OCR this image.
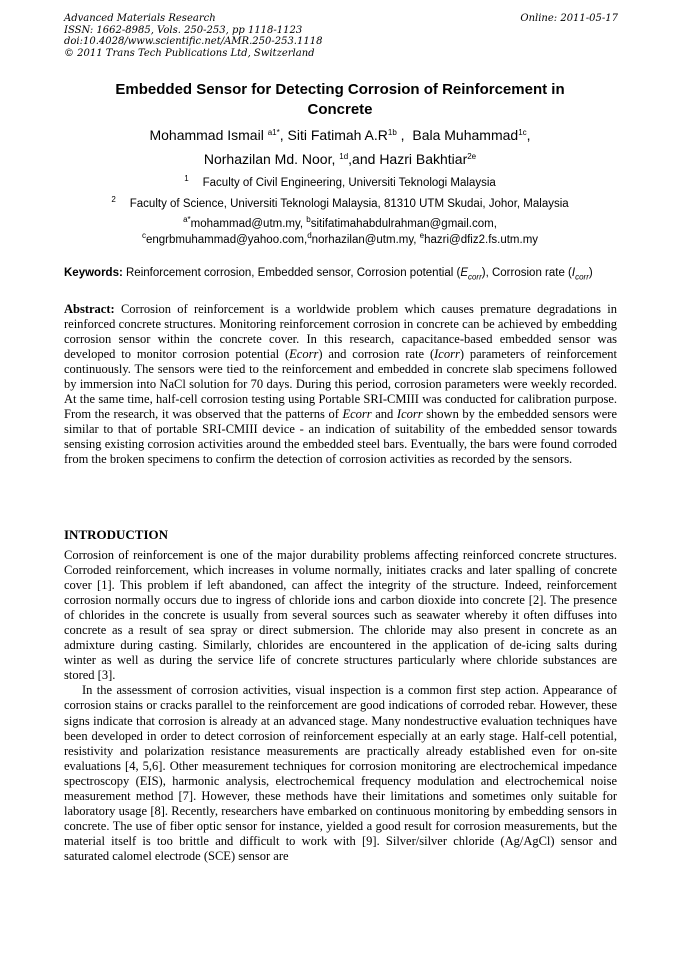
Advanced Materials Research
ISSN: 1662-8985, Vols. 250-253, pp 1118-1123
doi:10.4028/www.scientific.net/AMR.250-253.1118
© 2011 Trans Tech Publications Ltd, Switzerland
Online: 2011-05-17
Embedded Sensor for Detecting Corrosion of Reinforcement in
Concrete
Mohammad Ismail $^{a1*}$, Siti Fatimah $A.R^{1b}$ ,  Bala Muhammad$^{1c}$,
Norhazilan Md. Noor, $^{1d}$,and Hazri Bakhtiar$^{2e}$
$^1$ Faculty of Civil Engineering, Universiti Teknologi Malaysia
$^2$ Faculty of Science, Universiti Teknologi Malaysia, 81310 UTM Skudai, Johor, Malaysia
$^{a*}$mohammad@utm.my, $^b$sitifatimahabdulrahman@gmail.com,
$^c$engrbmuhammad@yahoo.com,$^d$norhazilan@utm.my, $^e$hazri@dfiz2.fs.utm.my
Keywords: Reinforcement corrosion, Embedded sensor, Corrosion potential $(E_{corr})$, Corrosion rate $(I_{corr})$
Abstract: Corrosion of reinforcement is a worldwide problem which causes premature degradations in reinforced concrete structures. Monitoring reinforcement corrosion in concrete can be achieved by embedding corrosion sensor within the concrete cover. In this research, capacitance-based embedded sensor was developed to monitor corrosion potential (Ecorr) and corrosion rate (Icorr) parameters of reinforcement continuously. The sensors were tied to the reinforcement and embedded in concrete slab specimens followed by immersion into NaCl solution for 70 days. During this period, corrosion parameters were weekly recorded. At the same time, half-cell corrosion testing using Portable SRI-CMIII was conducted for calibration purpose. From the research, it was observed that the patterns of Ecorr and Icorr shown by the embedded sensors were similar to that of portable SRI-CMIII device - an indication of suitability of the embedded sensor towards sensing existing corrosion activities around the embedded steel bars. Eventually, the bars were found corroded from the broken specimens to confirm the detection of corrosion activities as recorded by the sensors.
INTRODUCTION

Corrosion of reinforcement is one of the major durability problems affecting reinforced concrete structures. Corroded reinforcement, which increases in volume normally, initiates cracks and later spalling of concrete cover [1]. This problem if left abandoned, can affect the integrity of the structure. Indeed, reinforcement corrosion normally occurs due to ingress of chloride ions and carbon dioxide into concrete [2]. The presence of chlorides in the concrete is usually from several sources such as seawater whereby it often diffuses into concrete as a result of sea spray or direct submersion. The chloride may also present in concrete as an admixture during casting. Similarly, chlorides are encountered in the application of de-icing salts during winter as well as during the service life of concrete structures particularly where chloride substances are stored [3].

In the assessment of corrosion activities, visual inspection is a common first step action. Appearance of corrosion stains or cracks parallel to the reinforcement are good indications of corroded rebar. However, these signs indicate that corrosion is already at an advanced stage. Many nondestructive evaluation techniques have been developed in order to detect corrosion of reinforcement especially at an early stage. Half-cell potential, resistivity and polarization resistance measurements are practically already established even for on-site evaluations [4, 5,6]. Other measurement techniques for corrosion monitoring are electrochemical impedance spectroscopy (EIS), harmonic analysis, electrochemical frequency modulation and electrochemical noise measurement method [7]. However, these methods have their limitations and sometimes only suitable for laboratory usage [8]. Recently, researchers have embarked on continuous monitoring by embedding sensors in concrete. The use of fiber optic sensor for instance, yielded a good result for corrosion measurements, but the material itself is too brittle and difficult to work with [9]. Silver/silver chloride (Ag/AgCl) sensor and saturated calomel electrode (SCE) sensor are
